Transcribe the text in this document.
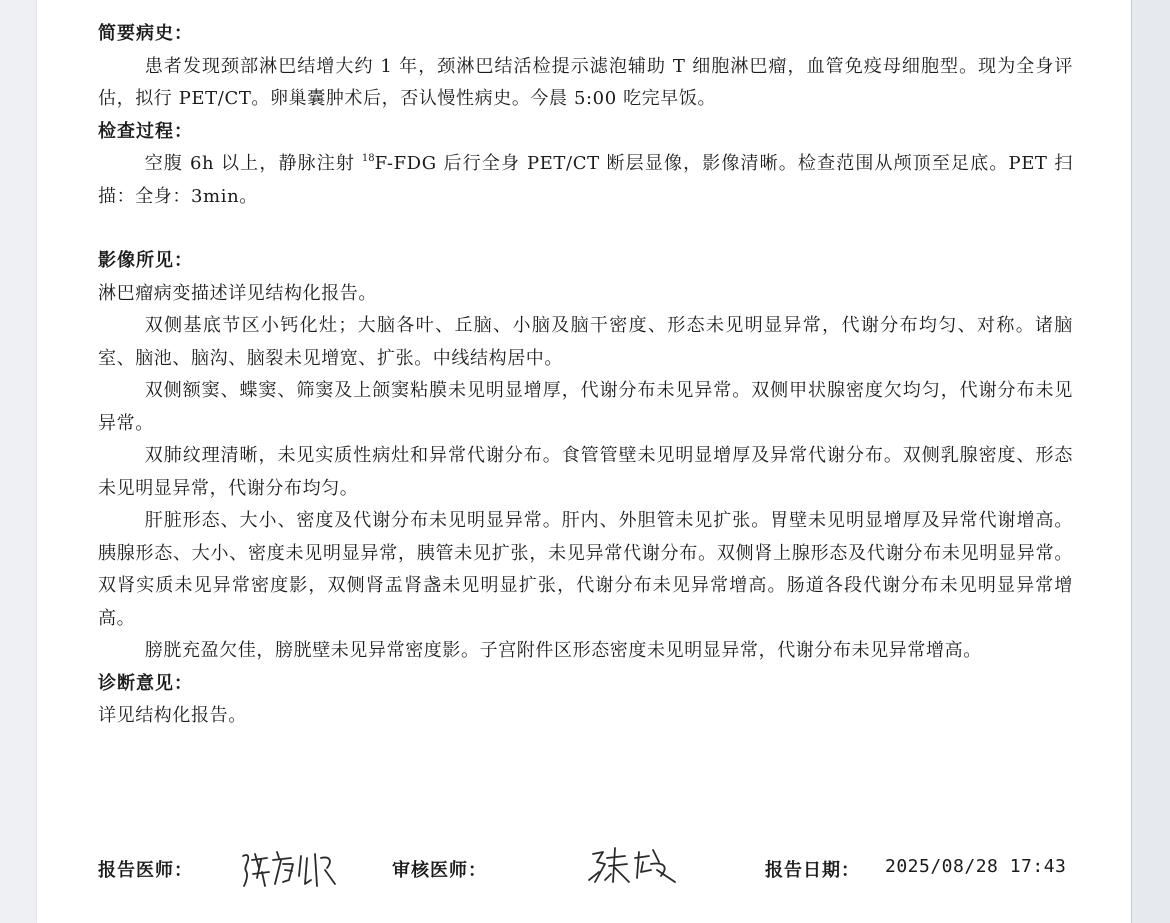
简要病史：

患者发现颈部淋巴结增大约 1 年，颈淋巴结活检提示滤泡辅助 T 细胞淋巴瘤，血管免疫母细胞型。现为全身评估，拟行 PET/CT。卵巢囊肿术后，否认慢性病史。今晨 5:00 吃完早饭。

检查过程：

空腹 6h 以上，静脉注射 $^{18}$F-FDG 后行全身 PET/CT 断层显像，影像清晰。检查范围从颅顶至足底。PET 扫描：全身：3min。

影像所见：

淋巴瘤病变描述详见结构化报告。

双侧基底节区小钙化灶；大脑各叶、丘脑、小脑及脑干密度、形态未见明显异常，代谢分布均匀、对称。诸脑室、脑池、脑沟、脑裂未见增宽、扩张。中线结构居中。

双侧额窦、蝶窦、筛窦及上颌窦粘膜未见明显增厚，代谢分布未见异常。双侧甲状腺密度欠均匀，代谢分布未见异常。

双肺纹理清晰，未见实质性病灶和异常代谢分布。食管管壁未见明显增厚及异常代谢分布。双侧乳腺密度、形态未见明显异常，代谢分布均匀。

肝脏形态、大小、密度及代谢分布未见明显异常。肝内、外胆管未见扩张。胃壁未见明显增厚及异常代谢增高。胰腺形态、大小、密度未见明显异常，胰管未见扩张，未见异常代谢分布。双侧肾上腺形态及代谢分布未见明显异常。双肾实质未见异常密度影，双侧肾盂肾盏未见明显扩张，代谢分布未见异常增高。肠道各段代谢分布未见明显异常增高。

膀胱充盈欠佳，膀胱壁未见异常密度影。子宫附件区形态密度未见明显异常，代谢分布未见异常增高。

诊断意见：

详见结构化报告。

报告医师：	审核医师：	报告日期： 2025/08/28 17:43
